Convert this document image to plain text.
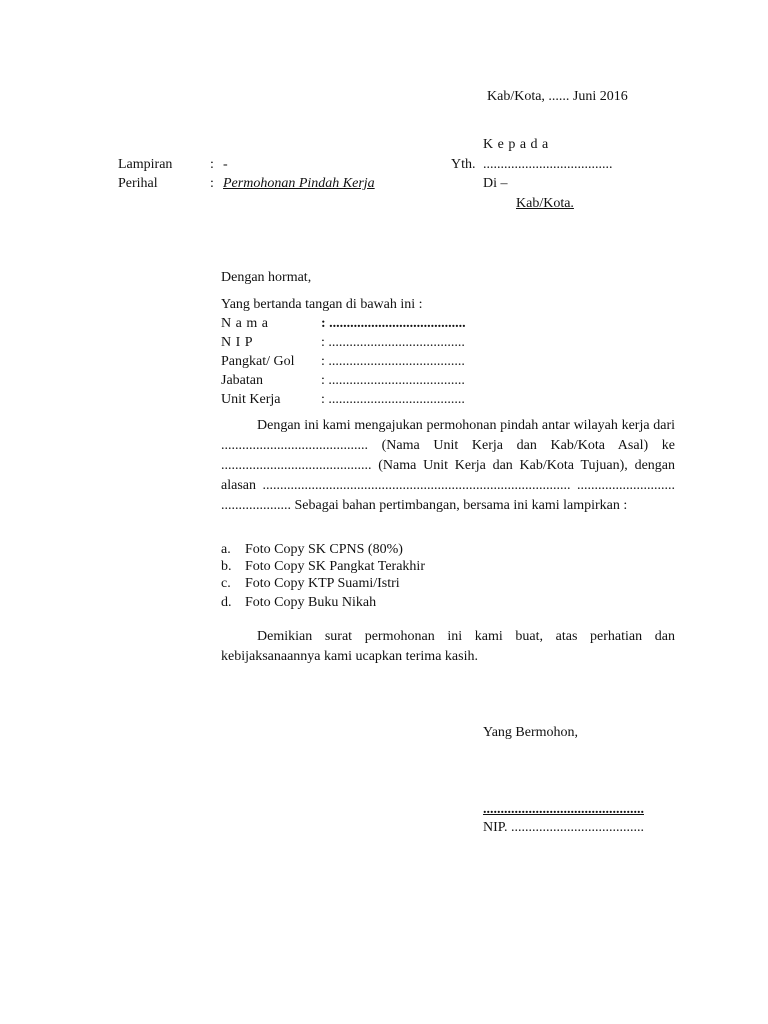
Kab/Kota, ...... Juni 2016
K e p a d a
Lampiran	: -	Yth. .....................................
Perihal	: Permohonan Pindah Kerja	Di –
Kab/Kota.
Dengan hormat,
Yang bertanda tangan di bawah ini :
N a m a	: .......................................
N I P	: .......................................
Pangkat/ Gol : .......................................
Jabatan	: .......................................
Unit Kerja	: .......................................
Dengan ini kami mengajukan permohonan pindah antar wilayah kerja dari .......................................... (Nama Unit Kerja dan Kab/Kota Asal) ke ........................................... (Nama Unit Kerja dan Kab/Kota Tujuan), dengan alasan ........................................................................................ ............................ .................... Sebagai bahan pertimbangan, bersama ini kami lampirkan :
a. Foto Copy SK CPNS (80%)
b. Foto Copy SK Pangkat Terakhir
c. Foto Copy KTP Suami/Istri
d. Foto Copy Buku Nikah
Demikian surat permohonan ini kami buat, atas perhatian dan kebijaksanaannya kami ucapkan terima kasih.
Yang Bermohon,
..............................................
NIP. ......................................
